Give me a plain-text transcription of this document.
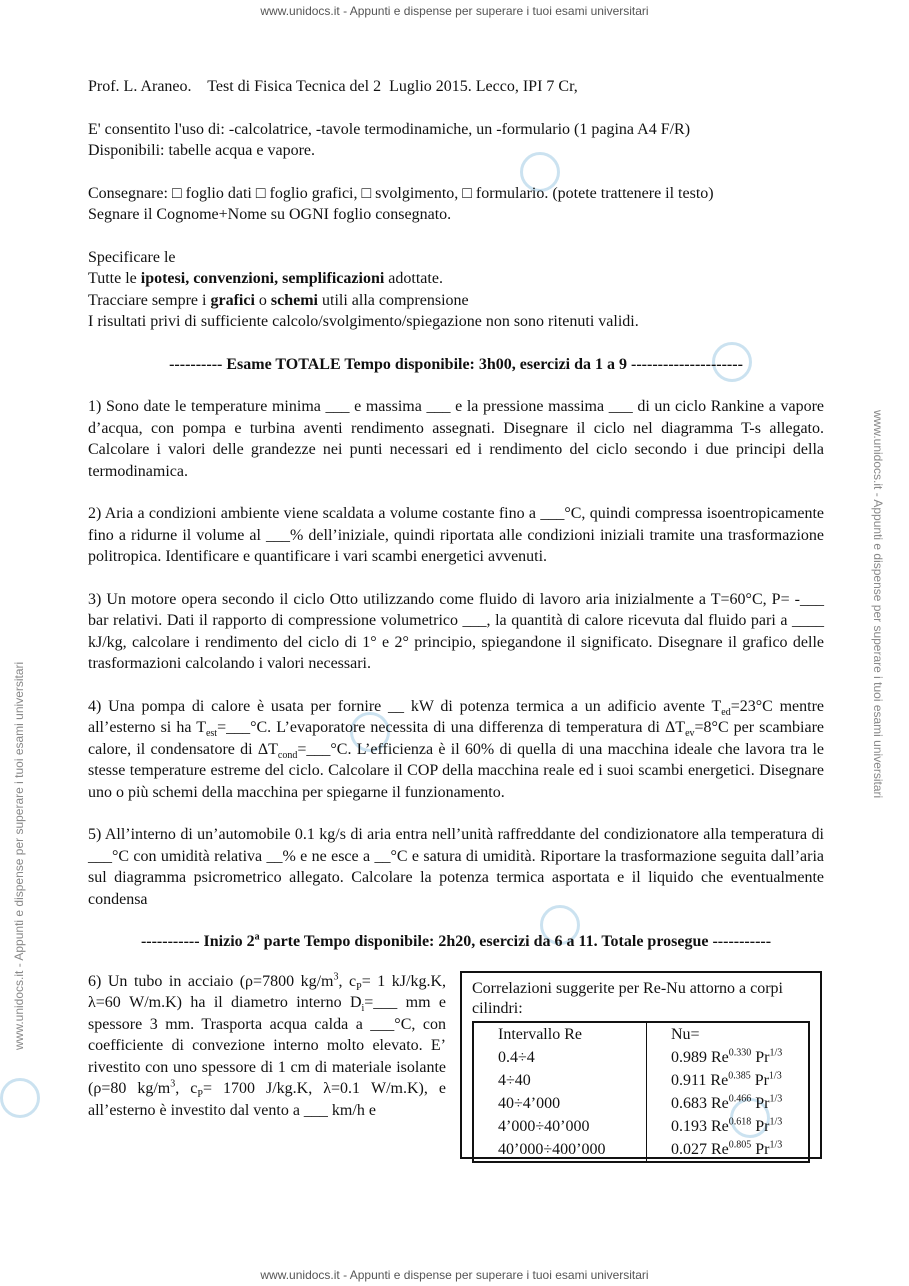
www.unidocs.it - Appunti e dispense per superare i tuoi esami universitari
www.unidocs.it - Appunti e dispense per superare i tuoi esami universitari
www.unidocs.it - Appunti e dispense per superare i tuoi esami universitari
www.unidocs.it - Appunti e dispense per superare i tuoi esami universitari

Prof. L. Araneo.    Test di Fisica Tecnica del 2  Luglio 2015. Lecco, IPI 7 Cr,

E' consentito l'uso di: -calcolatrice, -tavole termodinamiche, un -formulario (1 pagina A4 F/R)

Disponibili: tabelle acqua e vapore.

Consegnare: □ foglio dati □ foglio grafici, □ svolgimento, □ formulario. (potete trattenere il testo)

Segnare il Cognome+Nome su OGNI foglio consegnato.

Specificare le

Tutte le ipotesi, convenzioni, semplificazioni adottate.

Tracciare sempre i grafici o schemi utili alla comprensione

I risultati privi di sufficiente calcolo/svolgimento/spiegazione non sono ritenuti validi.

---------- Esame TOTALE Tempo disponibile: 3h00, esercizi da 1 a 9 ---------------------

1) Sono date le temperature minima ___ e massima ___ e la pressione massima ___ di un ciclo Rankine a vapore d’acqua, con pompa e turbina aventi rendimento assegnati. Disegnare il ciclo nel diagramma T-s allegato. Calcolare i valori delle grandezze nei punti necessari ed i rendimento del ciclo secondo i due principi della termodinamica.

2) Aria a condizioni ambiente viene scaldata a volume costante fino a ___°C, quindi compressa isoentropicamente fino a ridurne il volume al ___% dell’iniziale, quindi riportata alle condizioni iniziali tramite una trasformazione politropica. Identificare e quantificare i vari scambi energetici avvenuti.

3) Un motore opera secondo il ciclo Otto utilizzando come fluido di lavoro aria inizialmente a T=60°C, P= -___ bar relativi. Dati il rapporto di compressione volumetrico ___, la quantità di calore ricevuta dal fluido pari a ____ kJ/kg, calcolare i rendimento del ciclo di 1° e 2° principio, spiegandone il significato. Disegnare il grafico delle trasformazioni calcolando i valori necessari.

4) Una pompa di calore è usata per fornire __ kW di potenza termica a un adificio avente $T_{ed}=23^\circ C$ mentre all’esterno si ha $T_{est}=\_\_\_^\circ C$. L’evaporatore necessita di una differenza di temperatura di $\Delta T_{ev}=8^\circ C$ per scambiare calore, il condensatore di $\Delta T_{cond}=\_\_\_^\circ C$. L’efficienza è il 60% di quella di una macchina ideale che lavora tra le stesse temperature estreme del ciclo. Calcolare il COP della macchina reale ed i suoi scambi energetici. Disegnare uno o più schemi della macchina per spiegarne il funzionamento.

5) All’interno di un’automobile 0.1 kg/s di aria entra nell’unità raffreddante del condizionatore alla temperatura di ___°C con umidità relativa __% e ne esce a __°C e satura di umidità. Riportare la trasformazione seguita dall’aria sul diagramma psicrometrico allegato. Calcolare la potenza termica asportata e il liquido che eventualmente condensa

----------- Inizio 2$^a$ parte Tempo disponibile: 2h20, esercizi da 6 a 11. Totale prosegue -----------

6) Un tubo in acciaio (ρ=7800 $kg/m^3$, $c_P= 1$ kJ/kg.K, λ=60 W/m.K) ha il diametro interno $D_i=\_\_\_$ mm e spessore 3 mm. Trasporta acqua calda a ___°C, con coefficiente di convezione interno molto elevato. E’ rivestito con uno spessore di 1 cm di materiale isolante (ρ=80 $kg/m^3$, $c_P= 1700$ J/kg.K, λ=0.1 W/m.K), e all’esterno è investito dal vento a ___ km/h e

Correlazioni suggerite per Re-Nu attorno a corpi cilindri:
Intervallo Re	Nu=
0.4÷4	0.989 $Re^{0.330}$ $Pr^{1/3}$
4÷40	0.911 $Re^{0.385}$ $Pr^{1/3}$
40÷4’000	0.683 $Re^{0.466}$ $Pr^{1/3}$
4’000÷40’000	0.193 $Re^{0.618}$ $Pr^{1/3}$
40’000÷400’000	0.027 $Re^{0.805}$ $Pr^{1/3}$
